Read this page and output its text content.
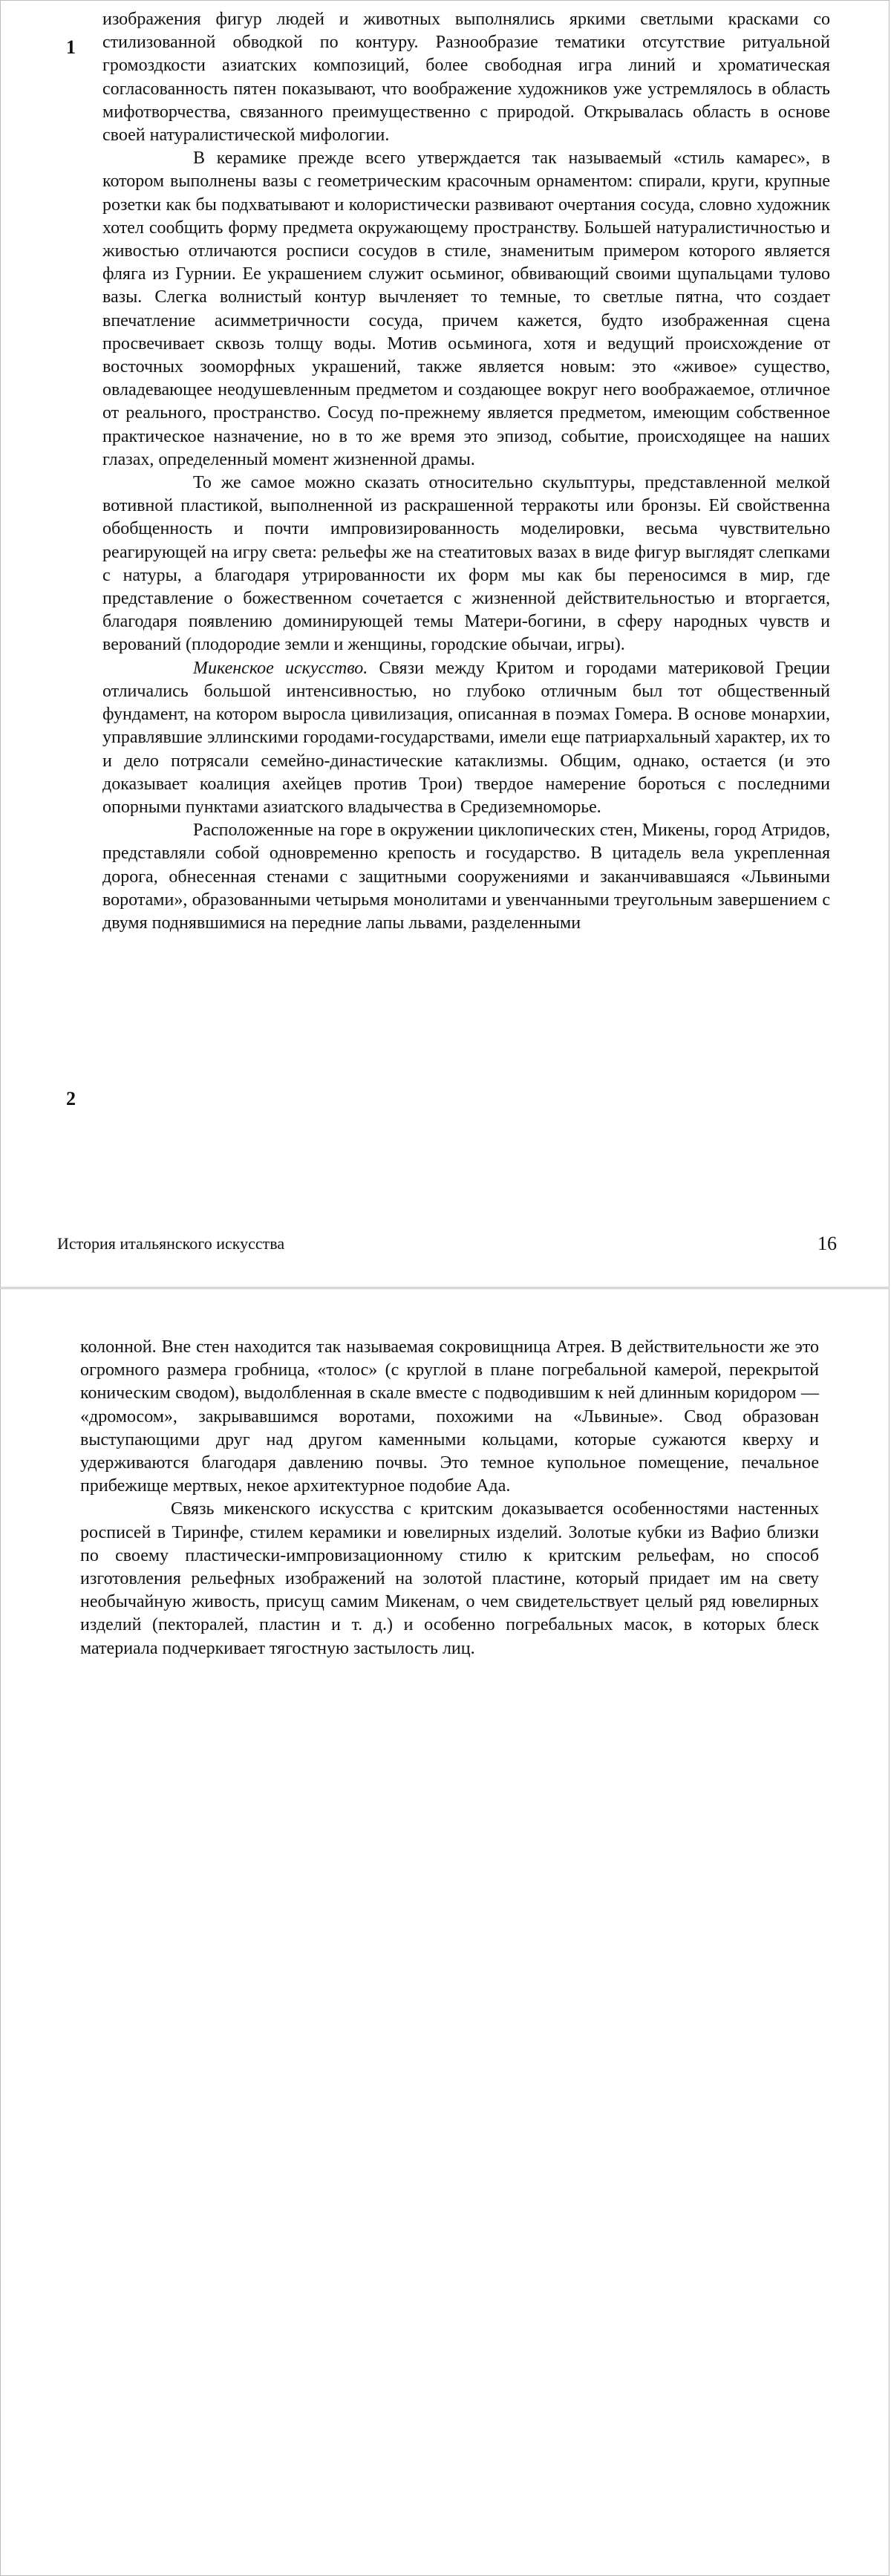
1
2

изображения фигур людей и животных выполнялись яркими светлыми красками со стилизованной обводкой по контуру. Разнообразие тематики отсутствие ритуальной громоздкости азиатских композиций, более свободная игра линий и хроматическая согласованность пятен показывают, что воображение художников уже устремлялось в область мифотворчества, связанного преимущественно с природой. Открывалась область в основе своей натуралистической мифологии.

В керамике прежде всего утверждается так называемый «стиль камарес», в котором выполнены вазы с геометрическим красочным орнаментом: спирали, круги, крупные розетки как бы подхватывают и колористически развивают очертания сосуда, словно художник хотел сообщить форму предмета окружающему пространству. Большей натуралистичностью и живостью отличаются росписи сосудов в стиле, знаменитым примером которого является фляга из Гурнии. Ее украшением служит осьминог, обвивающий своими щупальцами тулово вазы. Слегка волнистый контур вычленяет то темные, то светлые пятна, что создает впечатление асимметричности сосуда, причем кажется, будто изображенная сцена просвечивает сквозь толщу воды. Мотив осьминога, хотя и ведущий происхождение от восточных зооморфных украшений, также является новым: это «живое» существо, овладевающее неодушевленным предметом и создающее вокруг него воображаемое, отличное от реального, пространство. Сосуд по-прежнему является предметом, имеющим собственное практическое назначение, но в то же время это эпизод, событие, происходящее на наших глазах, определенный момент жизненной драмы.

То же самое можно сказать относительно скульптуры, представленной мелкой вотивной пластикой, выполненной из раскрашенной терракоты или бронзы. Ей свойственна обобщенность и почти импровизированность моделировки, весьма чувствительно реагирующей на игру света: рельефы же на стеатитовых вазах в виде фигур выглядят слепками с натуры, а благодаря утрированности их форм мы как бы переносимся в мир, где представление о божественном сочетается с жизненной действительностью и вторгается, благодаря появлению доминирующей темы Матери-богини, в сферу народных чувств и верований (плодородие земли и женщины, городские обычаи, игры).

Микенское искусство. Связи между Критом и городами материковой Греции отличались большой интенсивностью, но глубоко отличным был тот общественный фундамент, на котором выросла цивилизация, описанная в поэмах Гомера. В основе монархии, управлявшие эллинскими городами-государствами, имели еще патриархальный характер, их то и дело потрясали семейно-династические катаклизмы. Общим, однако, остается (и это доказывает коалиция ахейцев против Трои) твердое намерение бороться с последними опорными пунктами азиатского владычества в Средиземноморье.

Расположенные на горе в окружении циклопических стен, Микены, город Атридов, представляли собой одновременно крепость и государство. В цитадель вела укрепленная дорога, обнесенная стенами с защитными сооружениями и заканчивавшаяся «Львиными воротами», образованными четырьмя монолитами и увенчанными треугольным завершением с двумя поднявшимися на передние лапы львами, разделенными

История итальянского искусства	16

колонной. Вне стен находится так называемая сокровищница Атрея. В действительности же это огромного размера гробница, «толос» (с круглой в плане погребальной камерой, перекрытой коническим сводом), выдолбленная в скале вместе с подводившим к ней длинным коридором — «дромосом», закрывавшимся воротами, похожими на «Львиные». Свод образован выступающими друг над другом каменными кольцами, которые сужаются кверху и удерживаются благодаря давлению почвы. Это темное купольное помещение, печальное прибежище мертвых, некое архитектурное подобие Ада.

Связь микенского искусства с критским доказывается особенностями настенных росписей в Тиринфе, стилем керамики и ювелирных изделий. Золотые кубки из Вафио близки по своему пластически-импровизационному стилю к критским рельефам, но способ изготовления рельефных изображений на золотой пластине, который придает им на свету необычайную живость, присущ самим Микенам, о чем свидетельствует целый ряд ювелирных изделий (пекторалей, пластин и т. д.) и особенно погребальных масок, в которых блеск материала подчеркивает тягостную застылость лиц.
